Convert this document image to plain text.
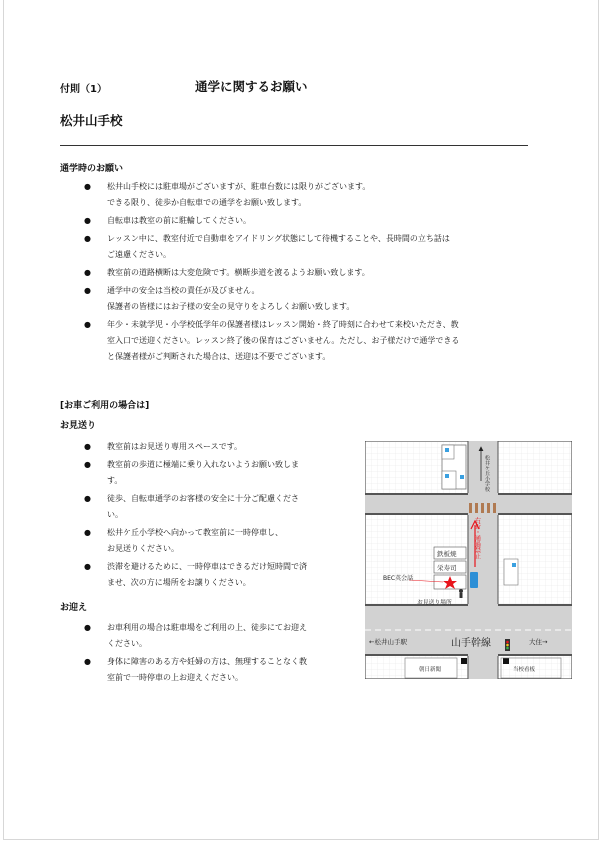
付則（1）	通学に関するお願い
松井山手校
通学時のお願い
●	松井山手校には駐車場がございますが、駐車台数には限りがございます。
できる限り、徒歩か自転車での通学をお願い致します。
●	自転車は教室の前に駐輪してください。
●	レッスン中に、教室付近で自動車をアイドリング状態にして待機することや、長時間の立ち話は
ご遠慮ください。
●	教室前の道路横断は大変危険です。横断歩道を渡るようお願い致します。
●	通学中の安全は当校の責任が及びません。
保護者の皆様にはお子様の安全の見守りをよろしくお願い致します。
●	年少・未就学児・小学校低学年の保護者様はレッスン開始・終了時刻に合わせて来校いただき、教
室入口で送迎ください。レッスン終了後の保育はございません。ただし、お子様だけで通学できる
と保護者様がご判断された場合は、送迎は不要でございます。
[お車ご利用の場合は]
お見送り
●	教室前はお見送り専用スペースです。
●	教室前の歩道に極端に乗り入れないようお願い致しま
す。
●	徒歩、自転車通学のお客様の安全に十分ご配慮くださ
い。
●	松井ケ丘小学校へ向かって教室前に一時停車し、
お見送りください。
●	渋滞を避けるために、一時停車はできるだけ短時間で済
ませ、次の方に場所をお譲りください。
お迎え
●	お車利用の場合は駐車場をご利用の上、徒歩にてお迎え
ください。
●	身体に障害のある方や妊婦の方は、無理することなく教
室前で一時停車の上お迎えください。
松井ケ丘小学校
鉄板焼
栄寿司
BEC英会話
お見送り場所
右折・通過禁止
←松井山手駅	山手幹線	大住→
朝日新聞	当校看板
